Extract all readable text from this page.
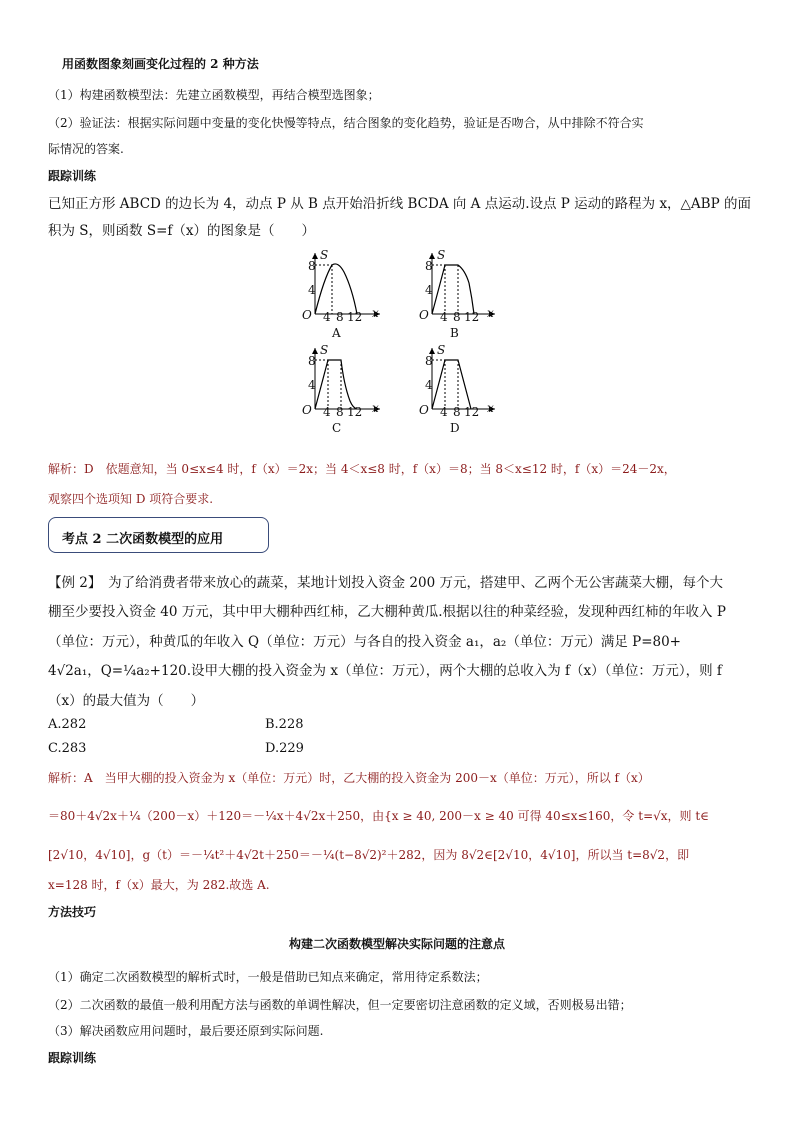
用函数图象刻画变化过程的 2 种方法
（1）构建函数模型法：先建立函数模型，再结合模型选图象；
（2）验证法：根据实际问题中变量的变化快慢等特点，结合图象的变化趋势，验证是否吻合，从中排除不符合实
际情况的答案.
跟踪训练
已知正方形 ABCD 的边长为 4，动点 P 从 B 点开始沿折线 BCDA 向 A 点运动.设点 P 运动的路程为 x，△ABP 的面
积为 S，则函数 S=f（x）的图象是（　　）
S
8
4
O 4 8 12 x
A
S
8
4
O 4 8 12 x
B
S
8
4
O 4 8 12 x
C
S
8
4
O 4 8 12 x
D
解析：D　依题意知，当 0≤x≤4 时，f（x）＝2x；当 4＜x≤8 时，f（x）＝8；当 8＜x≤12 时，f（x）＝24－2x，
观察四个选项知 D 项符合要求.
考点 2 二次函数模型的应用
【例 2】　为了给消费者带来放心的蔬菜，某地计划投入资金 200 万元，搭建甲、乙两个无公害蔬菜大棚，每个大
棚至少要投入资金 40 万元，其中甲大棚种西红柿，乙大棚种黄瓜.根据以往的种菜经验，发现种西红柿的年收入 P
（单位：万元），种黄瓜的年收入 Q（单位：万元）与各自的投入资金 a₁，a₂（单位：万元）满足 P=80+
4√2a₁，Q=¼a₂+120.设甲大棚的投入资金为 x（单位：万元），两个大棚的总收入为 f（x）（单位：万元），则 f
（x）的最大值为（　　）
A.282	B.228
C.283	D.229
解析：A　当甲大棚的投入资金为 x（单位：万元）时，乙大棚的投入资金为 200－x（单位：万元），所以 f（x）
＝80＋4√2x＋¼（200－x）＋120＝－¼x＋4√2x＋250，由{x ≥ 40, 200－x ≥ 40 可得 40≤x≤160，令 t=√x，则 t∈
[2√10，4√10]，g（t）＝－¼t²＋4√2t＋250＝－¼(t−8√2)²＋282，因为 8√2∈[2√10，4√10]，所以当 t=8√2，即
x=128 时，f（x）最大，为 282.故选 A.
方法技巧
构建二次函数模型解决实际问题的注意点
（1）确定二次函数模型的解析式时，一般是借助已知点来确定，常用待定系数法；
（2）二次函数的最值一般利用配方法与函数的单调性解决，但一定要密切注意函数的定义域，否则极易出错；
（3）解决函数应用问题时，最后要还原到实际问题.
跟踪训练
